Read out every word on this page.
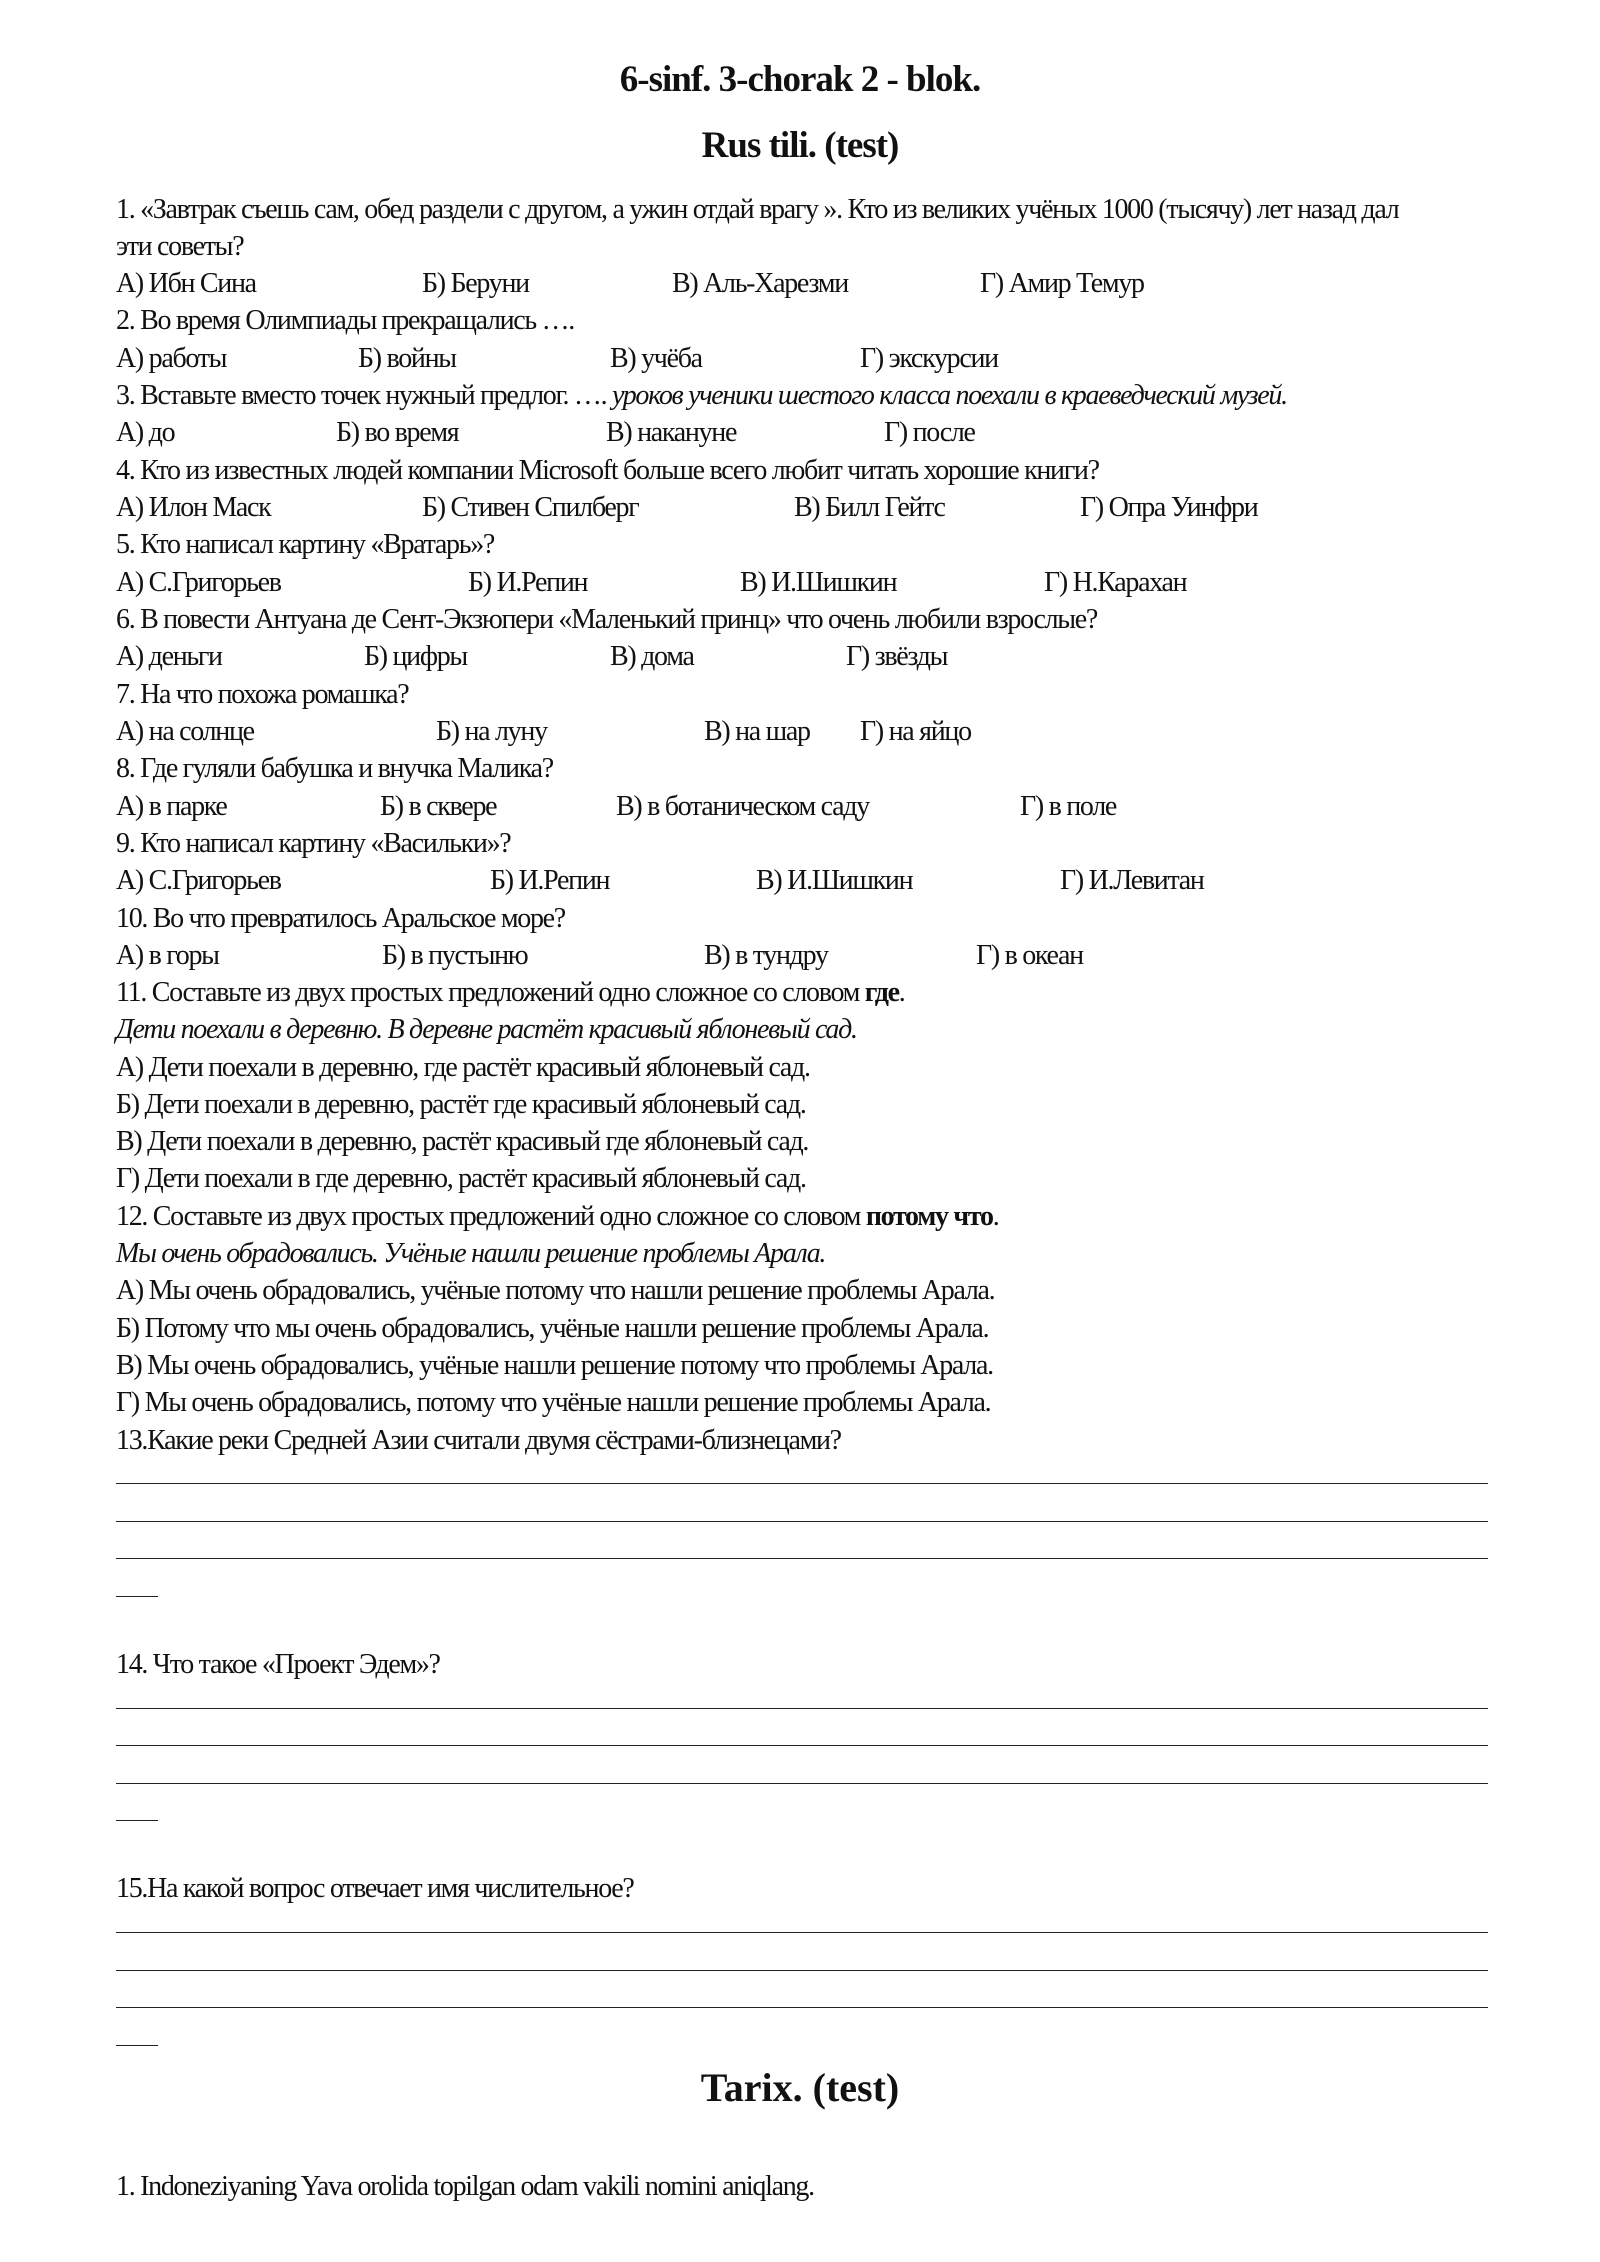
6-sinf. 3-chorak 2 - blok.
Rus tili. (test)
1. «Завтрак съешь сам, обед раздели с другом, а ужин отдай врагу ». Кто из великих учёных 1000 (тысячу) лет назад дал
эти советы?
А) Ибн Сина	Б) Беруни	В) Аль-Харезми	Г) Амир Темур
2. Во время Олимпиады прекращались ….
А) работы	Б) войны	В) учёба	Г) экскурсии
3. Вставьте вместо точек нужный предлог. …. уроков ученики шестого класса поехали в краеведческий музей.
А) до	Б) во время	В) накануне	Г) после
4. Кто из известных людей компании Microsoft больше всего любит читать хорошие книги?
А) Илон Маск	Б) Стивен Спилберг	В) Билл Гейтс	Г) Опра Уинфри
5. Кто написал картину «Вратарь»?
А) С.Григорьев	Б) И.Репин	В) И.Шишкин	Г) Н.Карахан
6. В повести Антуана де Сент-Экзюпери «Маленький принц» что очень любили взрослые?
А) деньги	Б) цифры	В) дома	Г) звёзды
7. На что похожа ромашка?
А) на солнце	Б) на луну	В) на шар Г) на яйцо
8. Где гуляли бабушка и внучка Малика?
А) в парке	Б) в сквере	В) в ботаническом саду	Г) в поле
9. Кто написал картину «Васильки»?
А) С.Григорьев	Б) И.Репин	В) И.Шишкин	Г) И.Левитан
10. Во что превратилось Аральское море?
А) в горы	Б) в пустыню	В) в тундру	Г) в океан
11. Составьте из двух простых предложений одно сложное со словом где.
Дети поехали в деревню. В деревне растёт красивый яблоневый сад.
А) Дети поехали в деревню, где растёт красивый яблоневый сад.
Б) Дети поехали в деревню, растёт где красивый яблоневый сад.
В) Дети поехали в деревню, растёт красивый где яблоневый сад.
Г) Дети поехали в где деревню, растёт красивый яблоневый сад.
12. Составьте из двух простых предложений одно сложное со словом потому что.
Мы очень обрадовались. Учёные нашли решение проблемы Арала.
А) Мы очень обрадовались, учёные потому что нашли решение проблемы Арала.
Б) Потому что мы очень обрадовались, учёные нашли решение проблемы Арала.
В) Мы очень обрадовались, учёные нашли решение потому что проблемы Арала.
Г) Мы очень обрадовались, потому что учёные нашли решение проблемы Арала.
13.Какие реки Средней Азии считали двумя сёстрами-близнецами?
14. Что такое «Проект Эдем»?
15.На какой вопрос отвечает имя числительное?
Tarix. (test)
1. Indoneziyaning Yava orolida topilgan odam vakili nomini aniqlang.
